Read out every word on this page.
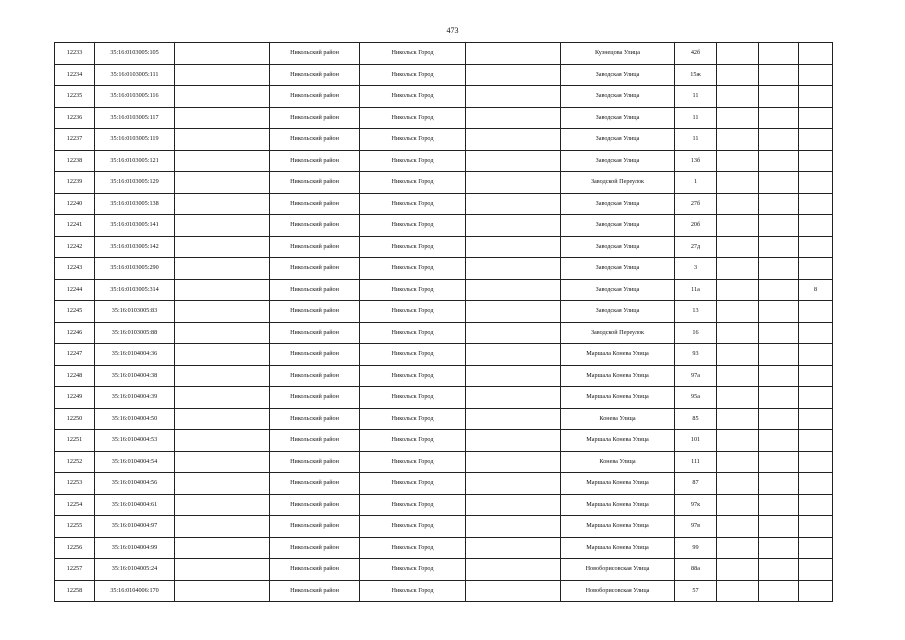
473
12233	35:16:0103005:105		Никольский район	Никольск Город		Кузнецова Улица	42б			
12234	35:16:0103005:111		Никольский район	Никольск Город		Заводская Улица	15ж			
12235	35:16:0103005:116		Никольский район	Никольск Город		Заводская Улица	11			
12236	35:16:0103005:117		Никольский район	Никольск Город		Заводская Улица	11			
12237	35:16:0103005:119		Никольский район	Никольск Город		Заводская Улица	11			
12238	35:16:0103005:121		Никольский район	Никольск Город		Заводская Улица	13б			
12239	35:16:0103005:129		Никольский район	Никольск Город		Заводской Переулок	1			
12240	35:16:0103005:138		Никольский район	Никольск Город		Заводская Улица	27б			
12241	35:16:0103005:141		Никольский район	Никольск Город		Заводская Улица	20б			
12242	35:16:0103005:142		Никольский район	Никольск Город		Заводская Улица	27д			
12243	35:16:0103005:290		Никольский район	Никольск Город		Заводская Улица	3			
12244	35:16:0103005:314		Никольский район	Никольск Город		Заводская Улица	11а			8
12245	35:16:0103005:83		Никольский район	Никольск Город		Заводская Улица	13			
12246	35:16:0103005:88		Никольский район	Никольск Город		Заводской Переулок	16			
12247	35:16:0104004:36		Никольский район	Никольск Город		Маршала Конева Улица	93			
12248	35:16:0104004:38		Никольский район	Никольск Город		Маршала Конева Улица	97а			
12249	35:16:0104004:39		Никольский район	Никольск Город		Маршала Конева Улица	95а			
12250	35:16:0104004:50		Никольский район	Никольск Город		Конева Улица	85			
12251	35:16:0104004:53		Никольский район	Никольск Город		Маршала Конева Улица	101			
12252	35:16:0104004:54		Никольский район	Никольск Город		Конева Улица	111			
12253	35:16:0104004:56		Никольский район	Никольск Город		Маршала Конева Улица	87			
12254	35:16:0104004:61		Никольский район	Никольск Город		Маршала Конева Улица	97к			
12255	35:16:0104004:97		Никольский район	Никольск Город		Маршала Конева Улица	97в			
12256	35:16:0104004:99		Никольский район	Никольск Город		Маршала Конева Улица	99			
12257	35:16:0104005:24		Никольский район	Никольск Город		Новоборисовская Улица	88а			
12258	35:16:0104006:170		Никольский район	Никольск Город		Новоборисовская Улица	57			
